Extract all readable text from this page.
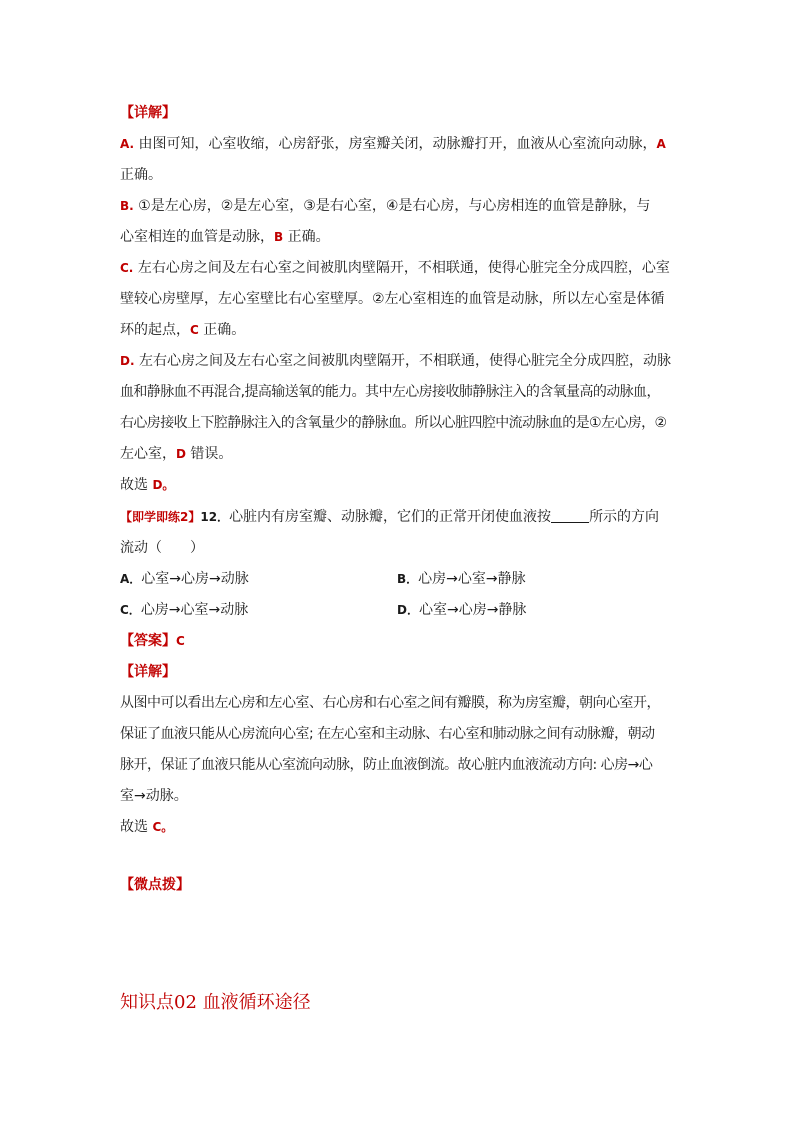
【详解】
A. 由图可知，心室收缩，心房舒张，房室瓣关闭，动脉瓣打开，血液从心室流向动脉，A
正确。
B. ①是左心房，②是左心室，③是右心室，④是右心房，与心房相连的血管是静脉，与
心室相连的血管是动脉，B 正确。
C. 左右心房之间及左右心室之间被肌肉壁隔开，不相联通，使得心脏完全分成四腔，心室
壁较心房壁厚，左心室壁比右心室壁厚。②左心室相连的血管是动脉，所以左心室是体循
环的起点，C 正确。
D. 左右心房之间及左右心室之间被肌肉壁隔开，不相联通，使得心脏完全分成四腔，动脉
血和静脉血不再混合,提高输送氧的能力。其中左心房接收肺静脉注入的含氧量高的动脉血，
右心房接收上下腔静脉注入的含氧量少的静脉血。所以心脏四腔中流动脉血的是①左心房，②
左心室，D 错误。
故选 D。
【即学即练2】12．心脏内有房室瓣、动脉瓣，它们的正常开闭使血液按	所示的方向
流动（　　）
A．心室→心房→动脉	B．心房→心室→静脉
C．心房→心室→动脉	D．心室→心房→静脉
【答案】C
【详解】
从图中可以看出左心房和左心室、右心房和右心室之间有瓣膜，称为房室瓣，朝向心室开，
保证了血液只能从心房流向心室; 在左心室和主动脉、右心室和肺动脉之间有动脉瓣，朝动
脉开，保证了血液只能从心室流向动脉，防止血液倒流。故心脏内血液流动方向: 心房→心
室→动脉。
故选 C。
【微点拨】
知识点02 血液循环途径
